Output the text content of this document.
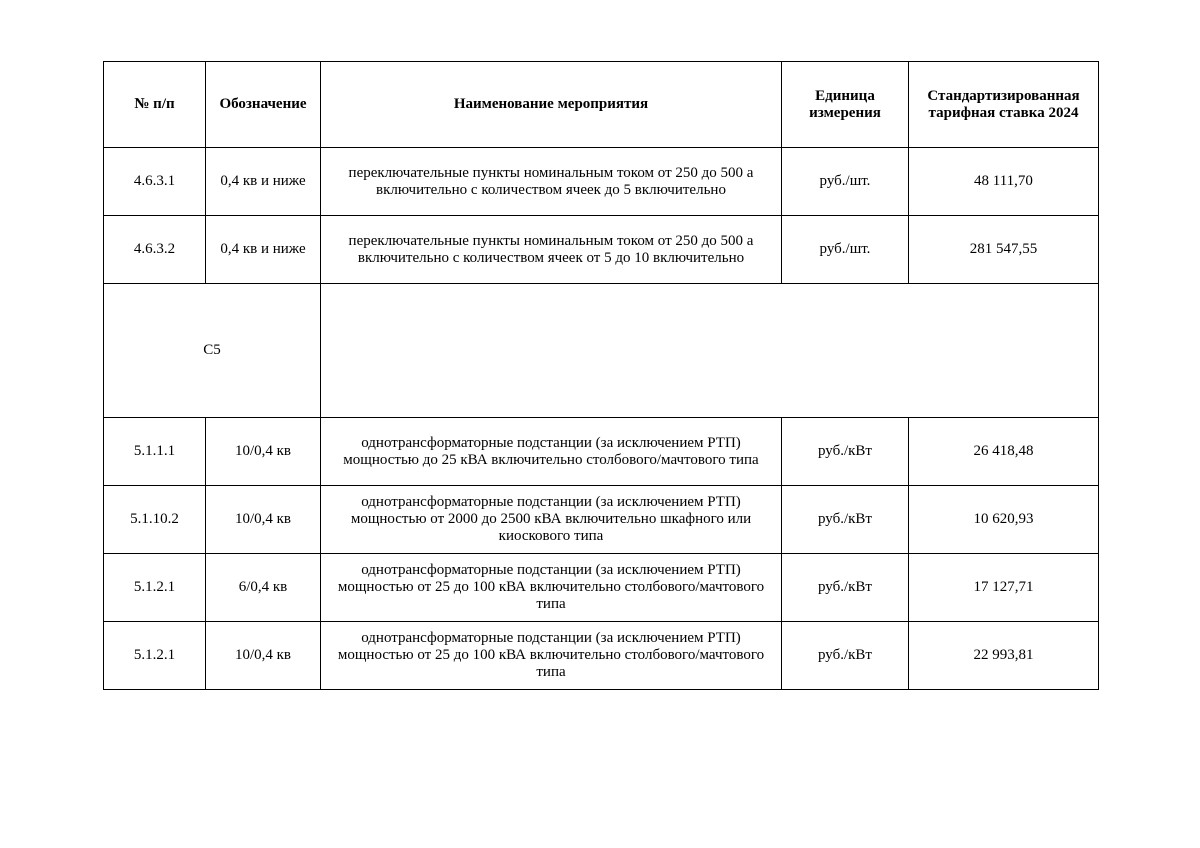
№ п/п	Обозначение	Наименование мероприятия	Единица измерения	Стандартизированная тарифная ставка 2024
4.6.3.1	0,4 кв и ниже	переключательные пункты номинальным током от 250 до 500 а включительно с количеством ячеек до 5 включительно	руб./шт.	48 111,70
4.6.3.2	0,4 кв и ниже	переключательные пункты номинальным током от 250 до 500 а включительно с количеством ячеек от 5 до 10 включительно	руб./шт.	281 547,55
С5				
5.1.1.1	10/0,4 кв	однотрансформаторные подстанции (за исключением РТП) мощностью до 25 кВА включительно столбового/мачтового типа	руб./кВт	26 418,48
5.1.10.2	10/0,4 кв	однотрансформаторные подстанции (за исключением РТП) мощностью от 2000 до 2500 кВА включительно шкафного или киоскового типа	руб./кВт	10 620,93
5.1.2.1	6/0,4 кв	однотрансформаторные подстанции (за исключением РТП) мощностью от 25 до 100 кВА включительно столбового/мачтового типа	руб./кВт	17 127,71
5.1.2.1	10/0,4 кв	однотрансформаторные подстанции (за исключением РТП) мощностью от 25 до 100 кВА включительно столбового/мачтового типа	руб./кВт	22 993,81
